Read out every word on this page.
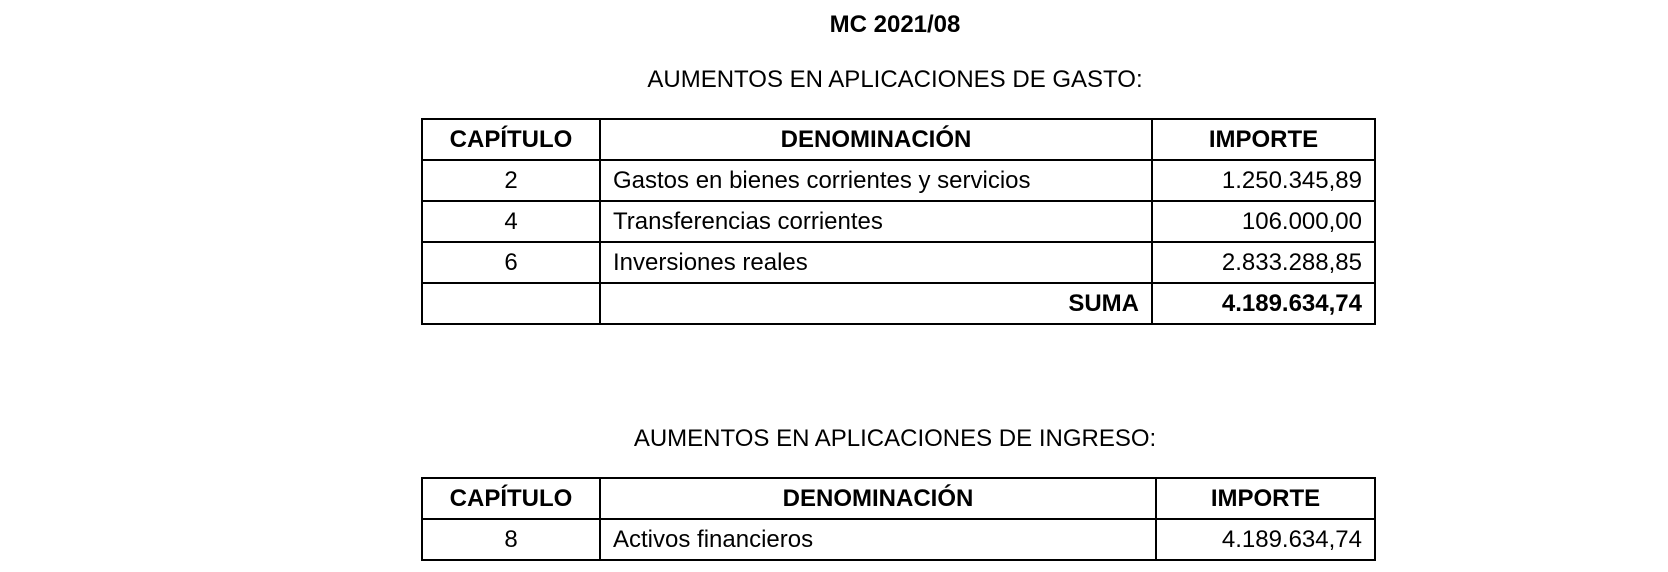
MC 2021/08
AUMENTOS EN APLICACIONES DE GASTO:
CAPÍTULO	DENOMINACIÓN	IMPORTE
2	Gastos en bienes corrientes y servicios	1.250.345,89
4	Transferencias corrientes	106.000,00
6	Inversiones reales	2.833.288,85
	SUMA	4.189.634,74
AUMENTOS EN APLICACIONES DE INGRESO:
CAPÍTULO	DENOMINACIÓN	IMPORTE
8	Activos financieros	4.189.634,74
